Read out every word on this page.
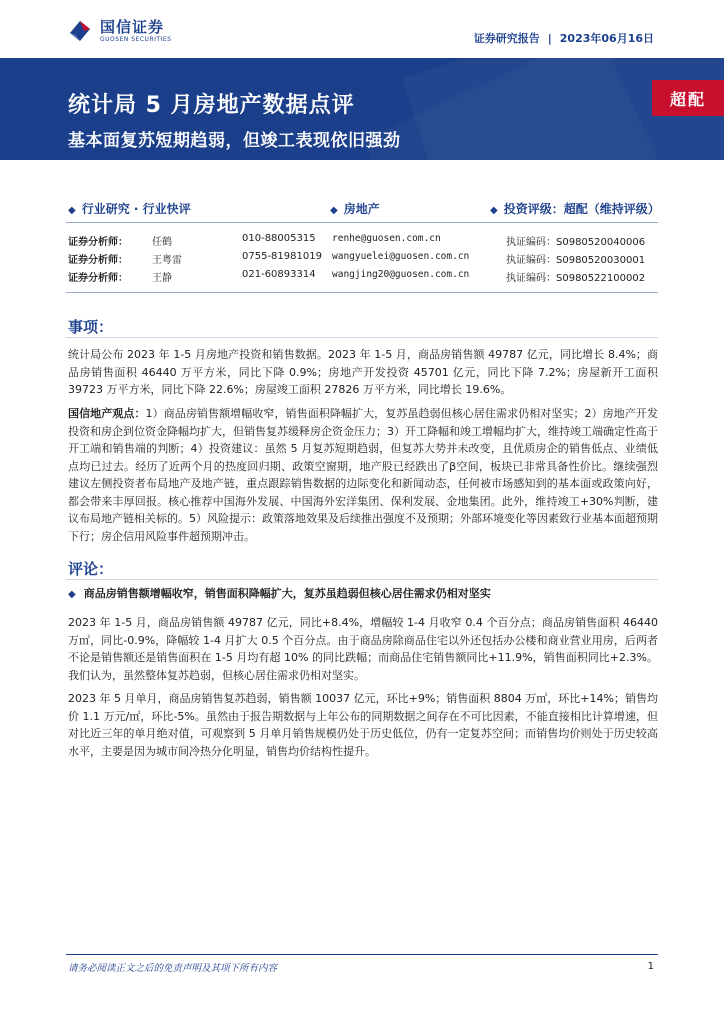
国信证券
GUOSEN SECURITIES	证券研究报告 | 2023年06月16日
统计局 5 月房地产数据点评
基本面复苏短期趋弱，但竣工表现依旧强劲
超配
◆ 行业研究 · 行业快评	◆ 房地产	◆ 投资评级：超配（维持评级）
证券分析师： 任鹤	010-88005315 renhe@guosen.com.cn	执证编码：S0980520040006
证券分析师： 王粤雷	0755-81981019 wangyuelei@guosen.com.cn	执证编码：S0980520030001
证券分析师： 王静	021-60893314 wangjing20@guosen.com.cn	执证编码：S0980522100002
事项：

统计局公布 2023 年 1-5 月房地产投资和销售数据。2023 年 1-5 月，商品房销售额 49787 亿元，同比增长 8.4%；商品房销售面积 46440 万平方米，同比下降 0.9%；房地产开发投资 45701 亿元，同比下降 7.2%；房屋新开工面积 39723 万平方米，同比下降 22.6%；房屋竣工面积 27826 万平方米，同比增长 19.6%。

国信地产观点：1）商品房销售额增幅收窄，销售面积降幅扩大，复苏虽趋弱但核心居住需求仍相对坚实；2）房地产开发投资和房企到位资金降幅均扩大，但销售复苏缓释房企资金压力；3）开工降幅和竣工增幅均扩大，维持竣工端确定性高于开工端和销售端的判断；4）投资建议：虽然 5 月复苏短期趋弱，但复苏大势并未改变，且优质房企的销售低点、业绩低点均已过去。经历了近两个月的热度回归期、政策空窗期，地产股已经跌出了β空间，板块已非常具备性价比。继续强烈建议左侧投资者布局地产及地产链，重点跟踪销售数据的边际变化和新闻动态，任何被市场感知到的基本面或政策向好，都会带来丰厚回报。核心推荐中国海外发展、中国海外宏洋集团、保利发展、金地集团。此外，维持竣工+30%判断，建议布局地产链相关标的。5）风险提示：政策落地效果及后续推出强度不及预期；外部环境变化等因素致行业基本面超预期下行；房企信用风险事件超预期冲击。

评论：
◆ 商品房销售额增幅收窄，销售面积降幅扩大，复苏虽趋弱但核心居住需求仍相对坚实

2023 年 1-5 月，商品房销售额 49787 亿元，同比+8.4%，增幅较 1-4 月收窄 0.4 个百分点；商品房销售面积 46440 万㎡，同比-0.9%，降幅较 1-4 月扩大 0.5 个百分点。由于商品房除商品住宅以外还包括办公楼和商业营业用房，后两者不论是销售额还是销售面积在 1-5 月均有超 10% 的同比跌幅；而商品住宅销售额同比+11.9%，销售面积同比+2.3%。我们认为，虽然整体复苏趋弱，但核心居住需求仍相对坚实。

2023 年 5 月单月，商品房销售复苏趋弱，销售额 10037 亿元，环比+9%；销售面积 8804 万㎡，环比+14%；销售均价 1.1 万元/㎡，环比-5%。虽然由于报告期数据与上年公布的同期数据之间存在不可比因素，不能直接相比计算增速，但对比近三年的单月绝对值，可观察到 5 月单月销售规模仍处于历史低位，仍有一定复苏空间；而销售均价则处于历史较高水平，主要是因为城市间冷热分化明显，销售均价结构性提升。

请务必阅读正文之后的免责声明及其项下所有内容	1
